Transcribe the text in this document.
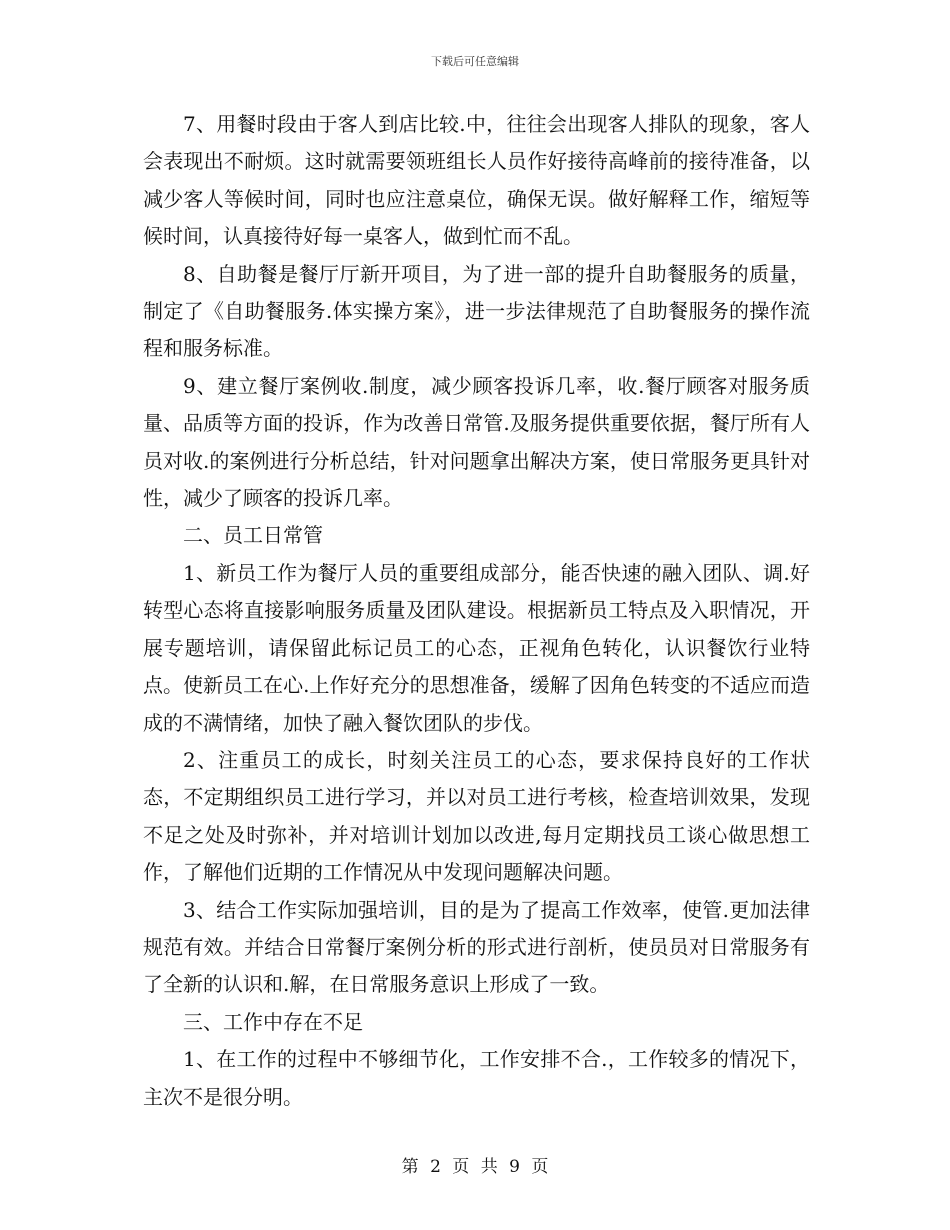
下载后可任意编辑

7、用餐时段由于客人到店比较.中，往往会出现客人排队的现象，客人会表现出不耐烦。这时就需要领班组长人员作好接待高峰前的接待准备，以减少客人等候时间，同时也应注意桌位，确保无误。做好解释工作，缩短等候时间，认真接待好每一桌客人，做到忙而不乱。

8、自助餐是餐厅厅新开项目，为了进一部的提升自助餐服务的质量，制定了《自助餐服务.体实操方案》，进一步法律规范了自助餐服务的操作流程和服务标准。

9、建立餐厅案例收.制度，减少顾客投诉几率，收.餐厅顾客对服务质量、品质等方面的投诉，作为改善日常管.及服务提供重要依据，餐厅所有人员对收.的案例进行分析总结，针对问题拿出解决方案，使日常服务更具针对性，减少了顾客的投诉几率。

二、员工日常管

1、新员工作为餐厅人员的重要组成部分，能否快速的融入团队、调.好转型心态将直接影响服务质量及团队建设。根据新员工特点及入职情况，开展专题培训，请保留此标记员工的心态，正视角色转化，认识餐饮行业特点。使新员工在心.上作好充分的思想准备，缓解了因角色转变的不适应而造成的不满情绪，加快了融入餐饮团队的步伐。

2、注重员工的成长，时刻关注员工的心态，要求保持良好的工作状态，不定期组织员工进行学习，并以对员工进行考核，检查培训效果，发现不足之处及时弥补，并对培训计划加以改进,每月定期找员工谈心做思想工作，了解他们近期的工作情况从中发现问题解决问题。

3、结合工作实际加强培训，目的是为了提高工作效率，使管.更加法律规范有效。并结合日常餐厅案例分析的形式进行剖析，使员员对日常服务有了全新的认识和.解，在日常服务意识上形成了一致。

三、工作中存在不足

1、在工作的过程中不够细节化，工作安排不合.，工作较多的情况下，主次不是很分明。

第 2 页 共 9 页
